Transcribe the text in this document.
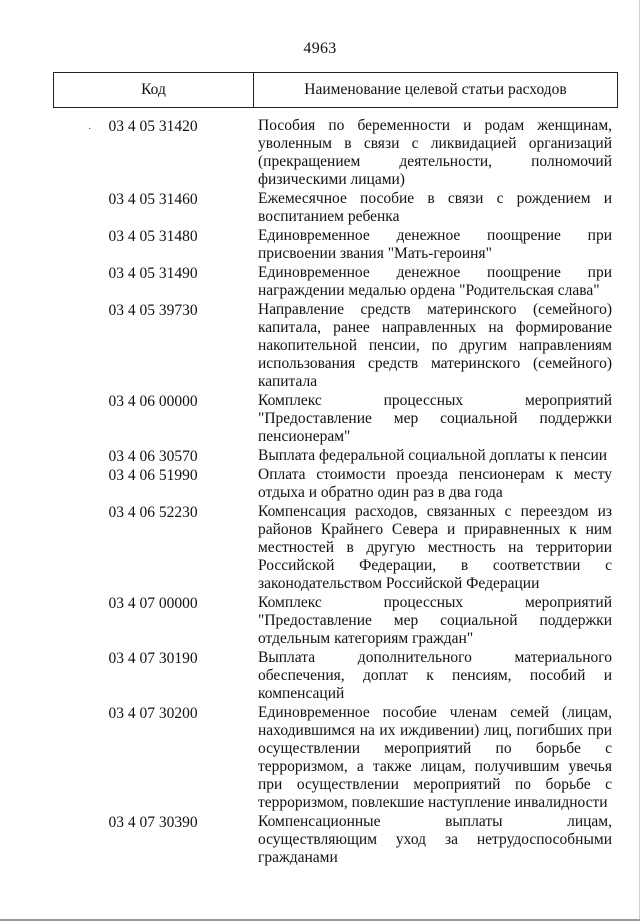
4963
Код	Наименование целевой статьи расходов
·	03 4 05 31420	Пособия по беременности и родам женщинам, уволенным в связи с ликвидацией организаций (прекращением деятельности, полномочий физическими лицами)
03 4 05 31460	Ежемесячное пособие в связи с рождением и воспитанием ребенка
03 4 05 31480	Единовременное денежное поощрение при присвоении звания "Мать-героиня"
03 4 05 31490	Единовременное денежное поощрение при награждении медалью ордена "Родительская слава"
03 4 05 39730	Направление средств материнского (семейного) капитала, ранее направленных на формирование накопительной пенсии, по другим направлениям использования средств материнского (семейного) капитала
03 4 06 00000	Комплекс процессных мероприятий "Предоставление мер социальной поддержки пенсионерам"
03 4 06 30570	Выплата федеральной социальной доплаты к пенсии
03 4 06 51990	Оплата стоимости проезда пенсионерам к месту отдыха и обратно один раз в два года
03 4 06 52230	Компенсация расходов, связанных с переездом из районов Крайнего Севера и приравненных к ним местностей в другую местность на территории Российской Федерации, в соответствии с законодательством Российской Федерации
03 4 07 00000	Комплекс процессных мероприятий "Предоставление мер социальной поддержки отдельным категориям граждан"
03 4 07 30190	Выплата дополнительного материального обеспечения, доплат к пенсиям, пособий и компенсаций
03 4 07 30200	Единовременное пособие членам семей (лицам, находившимся на их иждивении) лиц, погибших при осуществлении мероприятий по борьбе с терроризмом, а также лицам, получившим увечья при осуществлении мероприятий по борьбе с терроризмом, повлекшие наступление инвалидности
03 4 07 30390	Компенсационные выплаты лицам, осуществляющим уход за нетрудоспособными гражданами
